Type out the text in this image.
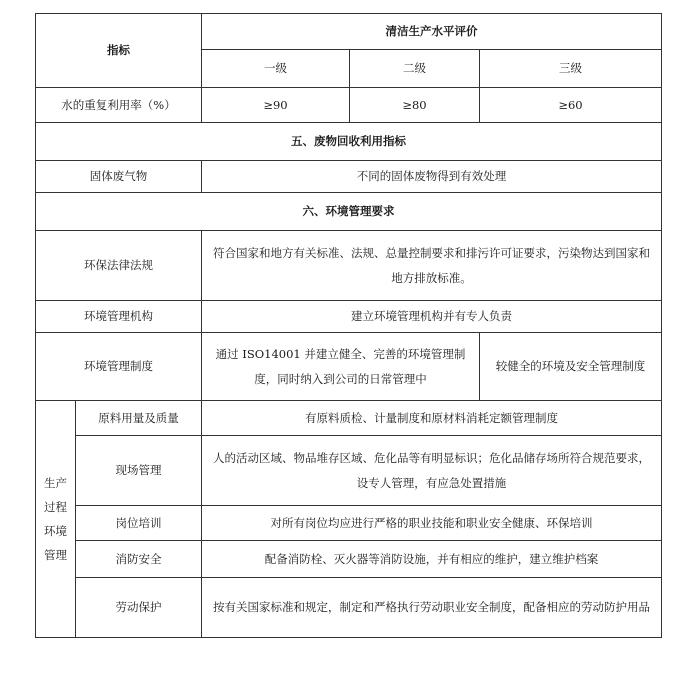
指标		清洁生产水平评价		
		一级	二级	三级
水的重复利用率（%）		≥90	≥80	≥60
五、废物回收利用指标				
固体废气物		不同的固体废物得到有效处理		
六、环境管理要求				
环保法律法规		符合国家和地方有关标准、法规、总量控制要求和排污许可证要求，污染物达到国家和地方排放标准。		
环境管理机构		建立环境管理机构并有专人负责		
环境管理制度		通过 ISO14001 并建立健全、完善的环境管理制度，同时纳入到公司的日常管理中		较健全的环境及安全管理制度

生产
过程
环境
管理	原料用量及质量	有原料质检、计量制度和原材料消耗定额管理制度		
	现场管理	人的活动区域、物品堆存区域、危化品等有明显标识；危化品储存场所符合规范要求，设专人管理，有应急处置措施		
	岗位培训	对所有岗位均应进行严格的职业技能和职业安全健康、环保培训		
	消防安全	配备消防栓、灭火器等消防设施，并有相应的维护，建立维护档案		
	劳动保护	按有关国家标准和规定，制定和严格执行劳动职业安全制度，配备相应的劳动防护用品		
